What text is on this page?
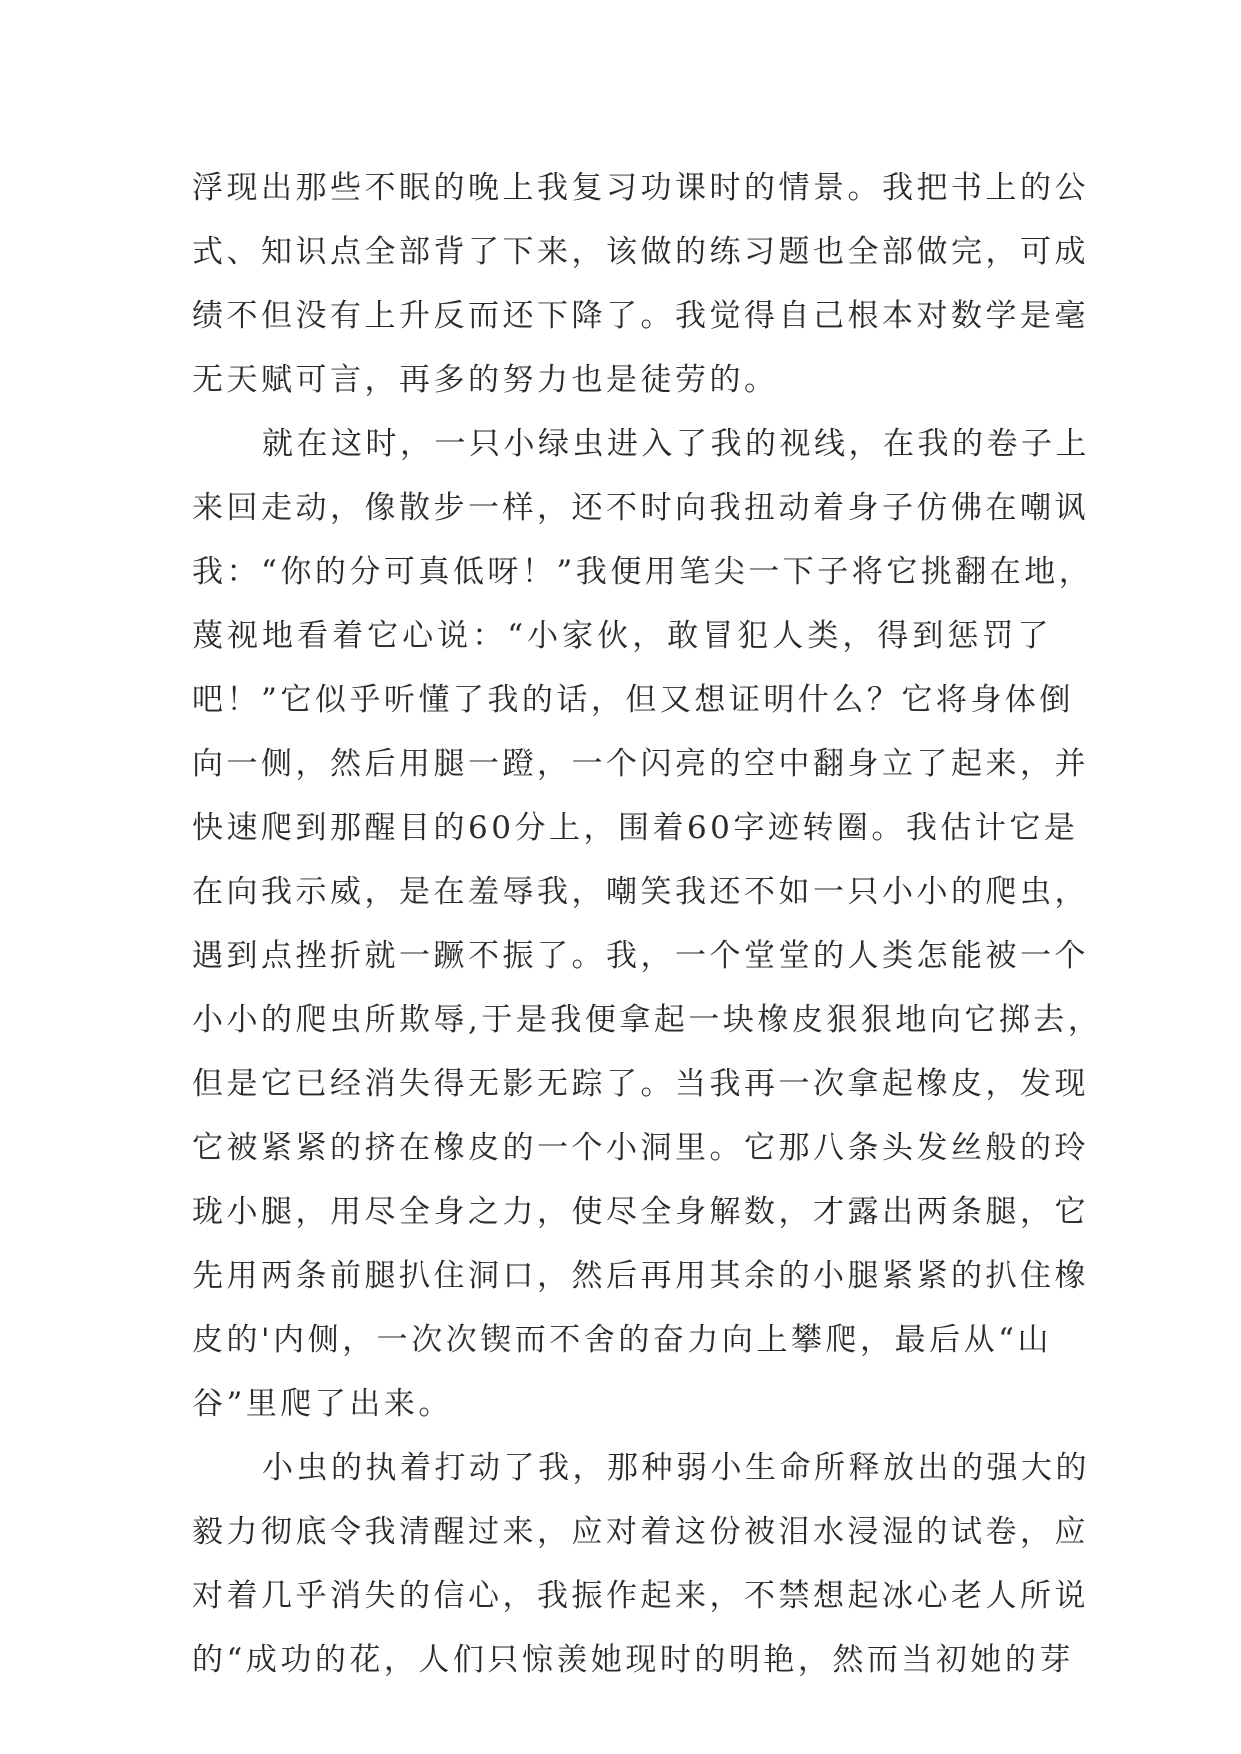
浮现出那些不眠的晚上我复习功课时的情景。我把书上的公
式、知识点全部背了下来，该做的练习题也全部做完，可成
绩不但没有上升反而还下降了。我觉得自己根本对数学是毫
无天赋可言，再多的努力也是徒劳的。
就在这时，一只小绿虫进入了我的视线，在我的卷子上
来回走动，像散步一样，还不时向我扭动着身子仿佛在嘲讽
我：“你的分可真低呀！”我便用笔尖一下子将它挑翻在地，
蔑视地看着它心说：“小家伙，敢冒犯人类，得到惩罚了
吧！”它似乎听懂了我的话，但又想证明什么？它将身体倒
向一侧，然后用腿一蹬，一个闪亮的空中翻身立了起来，并
快速爬到那醒目的60分上，围着60字迹转圈。我估计它是
在向我示威，是在羞辱我，嘲笑我还不如一只小小的爬虫，
遇到点挫折就一蹶不振了。我，一个堂堂的人类怎能被一个
小小的爬虫所欺辱,于是我便拿起一块橡皮狠狠地向它掷去，
但是它已经消失得无影无踪了。当我再一次拿起橡皮，发现
它被紧紧的挤在橡皮的一个小洞里。它那八条头发丝般的玲
珑小腿，用尽全身之力，使尽全身解数，才露出两条腿，它
先用两条前腿扒住洞口，然后再用其余的小腿紧紧的扒住橡
皮的'内侧，一次次锲而不舍的奋力向上攀爬，最后从“山
谷”里爬了出来。
小虫的执着打动了我，那种弱小生命所释放出的强大的
毅力彻底令我清醒过来，应对着这份被泪水浸湿的试卷，应
对着几乎消失的信心，我振作起来，不禁想起冰心老人所说
的“成功的花，人们只惊羡她现时的明艳，然而当初她的芽
